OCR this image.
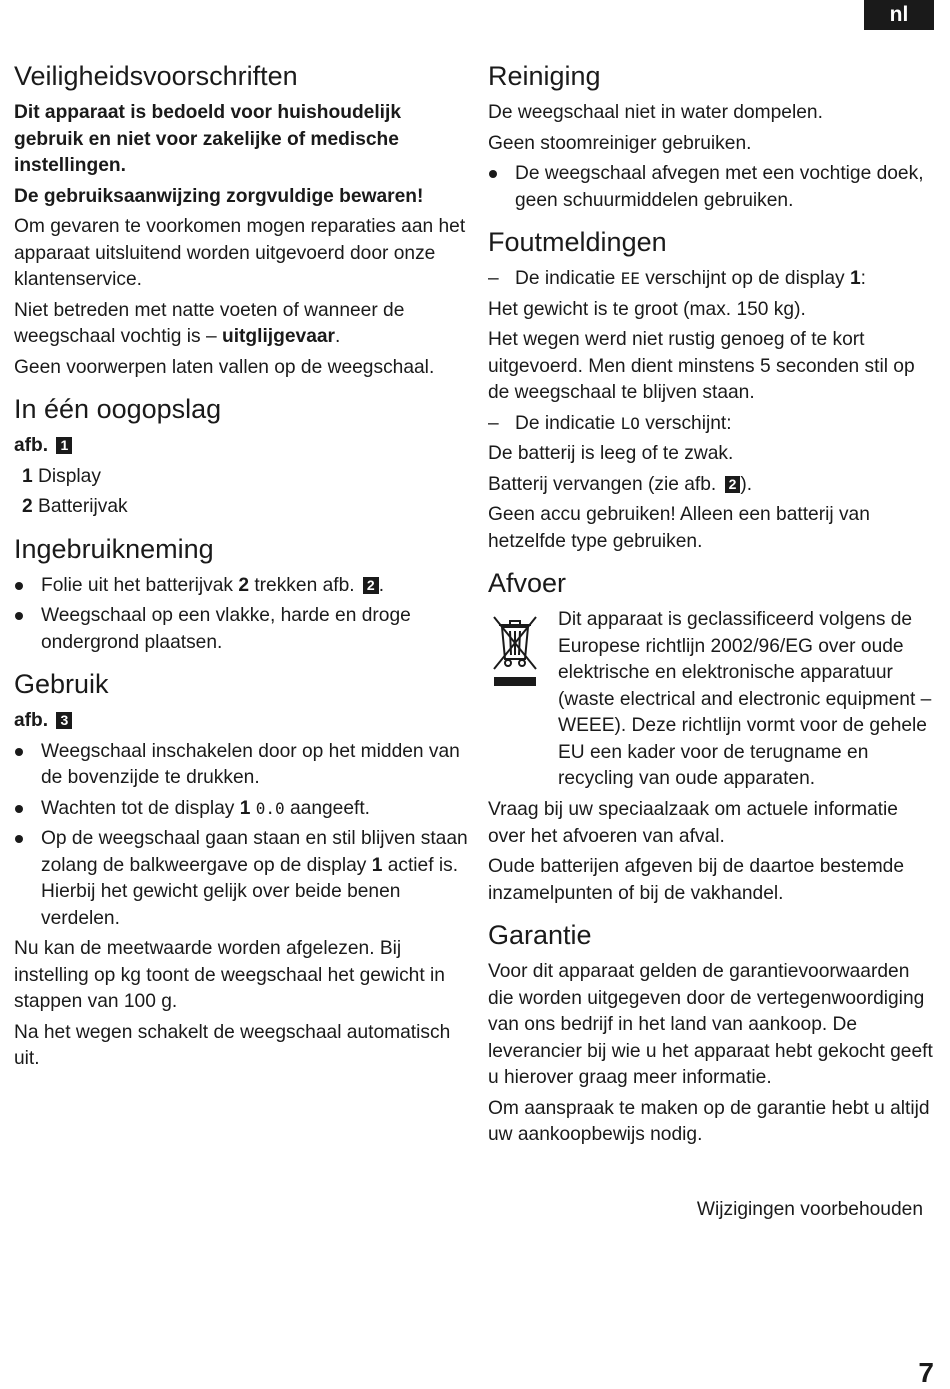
nl
Veiligheidsvoorschriften

Dit apparaat is bedoeld voor huishoudelijk gebruik en niet voor zakelijke of medische instellingen.

De gebruiksaanwijzing zorgvuldige bewaren!

Om gevaren te voorkomen mogen reparaties aan het apparaat uitsluitend worden uitgevoerd door onze klantenservice.

Niet betreden met natte voeten of wanneer de weegschaal vochtig is – uitglijgevaar.

Geen voorwerpen laten vallen op de weegschaal.

In één oogopslag

afb. 1

1 Display

2 Batterijvak

Ingebruikneming

Folie uit het batterijvak 2 trekken afb. 2 .

Weegschaal op een vlakke, harde en droge ondergrond plaatsen.

Gebruik

afb. 3

Weegschaal inschakelen door op het midden van de bovenzijde te drukken.

Wachten tot de display 1 0.0 aangeeft.

Op de weegschaal gaan staan en stil blijven staan zolang de balkweergave op de display 1 actief is. Hierbij het gewicht gelijk over beide benen verdelen.

Nu kan de meetwaarde worden afgelezen. Bij instelling op kg toont de weegschaal het gewicht in stappen van 100 g.

Na het wegen schakelt de weegschaal automatisch uit.

Reiniging

De weegschaal niet in water dompelen.

Geen stoomreiniger gebruiken.

De weegschaal afvegen met een vochtige doek, geen schuurmiddelen gebruiken.

Foutmeldingen

– De indicatie EE verschijnt op de display 1:

Het gewicht is te groot (max. 150 kg).

Het wegen werd niet rustig genoeg of te kort uitgevoerd. Men dient minstens 5 seconden stil op de weegschaal te blijven staan.

– De indicatie LO verschijnt:

De batterij is leeg of te zwak.

Batterij vervangen (zie afb. 2 ).

Geen accu gebruiken! Alleen een batterij van hetzelfde type gebruiken.

Afvoer

Dit apparaat is geclassificeerd volgens de Europese richtlijn 2002/96/EG over oude elektrische en elektronische apparatuur (waste electrical and electronic equipment – WEEE). Deze richtlijn vormt voor de gehele EU een kader voor de terugname en recycling van oude apparaten.

Vraag bij uw speciaalzaak om actuele informatie over het afvoeren van afval.

Oude batterijen afgeven bij de daartoe bestemde inzamelpunten of bij de vakhandel.

Garantie

Voor dit apparaat gelden de garantievoorwaarden die worden uitgegeven door de vertegenwoordiging van ons bedrijf in het land van aankoop. De leverancier bij wie u het apparaat hebt gekocht geeft u hierover graag meer informatie.

Om aanspraak te maken op de garantie hebt u altijd uw aankoopbewijs nodig.

Wijzigingen voorbehouden
7
